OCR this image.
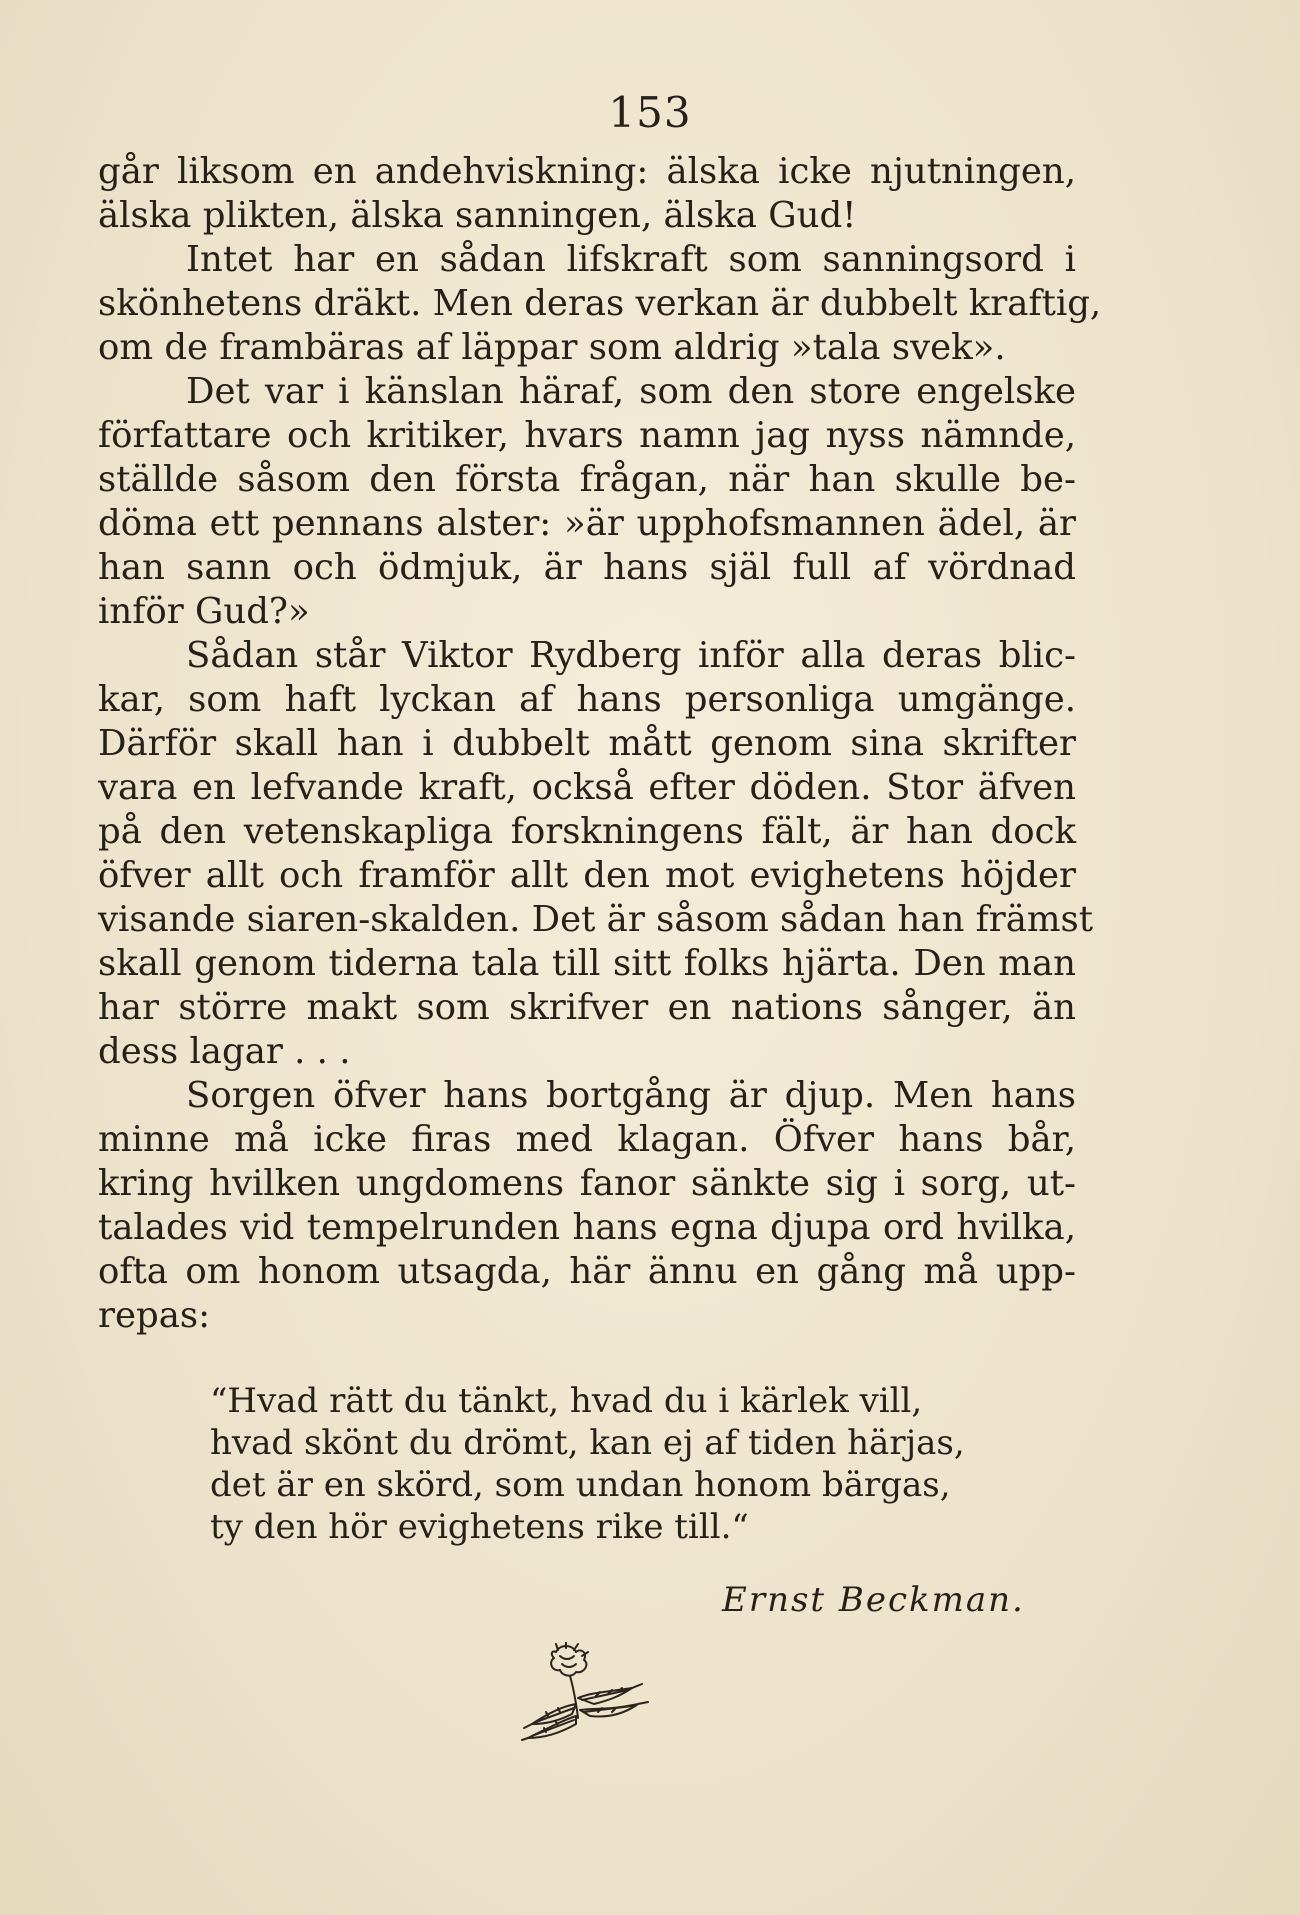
153
går liksom en andehviskning: älska icke njutningen,
älska plikten, älska sanningen, älska Gud!
Intet har en sådan lifskraft som sanningsord i
skönhetens dräkt. Men deras verkan är dubbelt kraftig,
om de frambäras af läppar som aldrig »tala svek».
Det var i känslan häraf, som den store engelske
författare och kritiker, hvars namn jag nyss nämnde,
ställde såsom den första frågan, när han skulle be-
döma ett pennans alster: »är upphofsmannen ädel, är
han sann och ödmjuk, är hans själ full af vördnad
inför Gud?»
Sådan står Viktor Rydberg inför alla deras blic-
kar, som haft lyckan af hans personliga umgänge.
Därför skall han i dubbelt mått genom sina skrifter
vara en lefvande kraft, också efter döden. Stor äfven
på den vetenskapliga forskningens fält, är han dock
öfver allt och framför allt den mot evighetens höjder
visande siaren-skalden. Det är såsom sådan han främst
skall genom tiderna tala till sitt folks hjärta. Den man
har större makt som skrifver en nations sånger, än
dess lagar . . .
Sorgen öfver hans bortgång är djup. Men hans
minne må icke firas med klagan. Öfver hans bår,
kring hvilken ungdomens fanor sänkte sig i sorg, ut-
talades vid tempelrunden hans egna djupa ord hvilka,
ofta om honom utsagda, här ännu en gång må upp-
repas:
“Hvad rätt du tänkt, hvad du i kärlek vill,
hvad skönt du drömt, kan ej af tiden härjas,
det är en skörd, som undan honom bärgas,
ty den hör evighetens rike till.“
Ernst Beckman.
